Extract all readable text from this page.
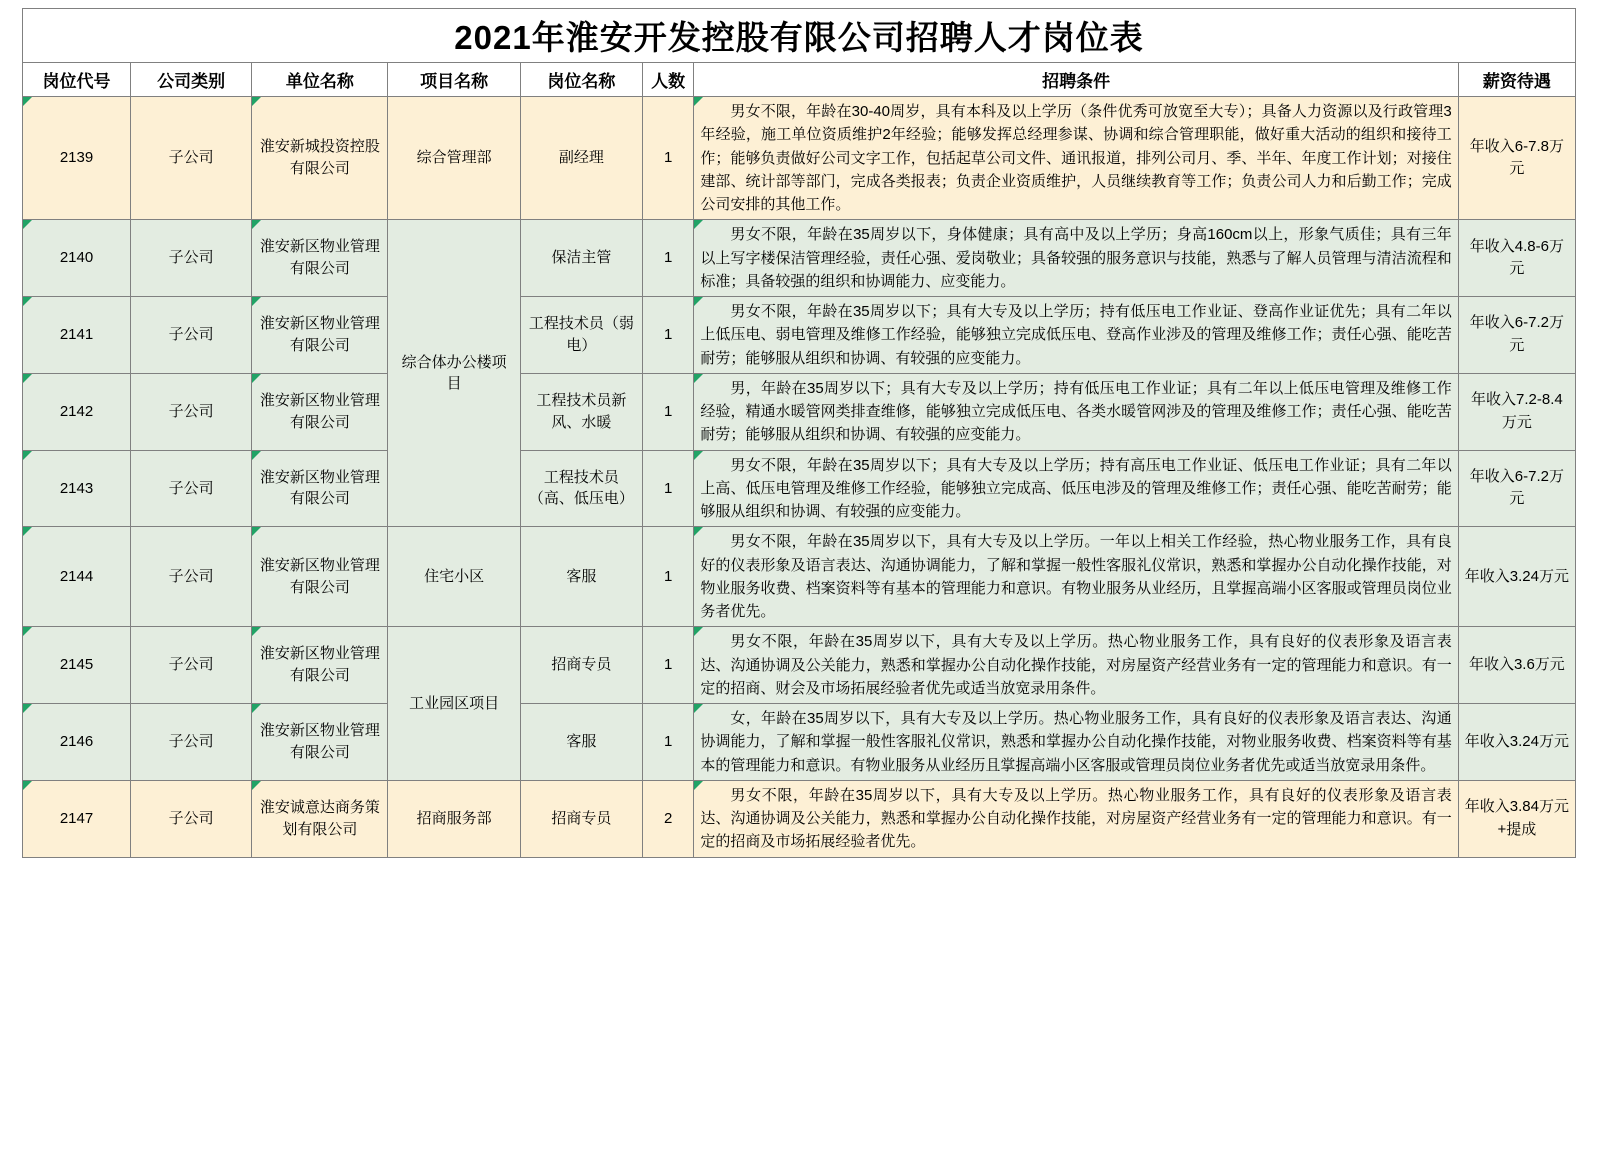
2021年淮安开发控股有限公司招聘人才岗位表							
岗位代号	公司类别	单位名称	项目名称	岗位名称	人数	招聘条件	薪资待遇
2139	子公司	淮安新城投资控股有限公司	综合管理部	副经理	1	男女不限，年龄在30-40周岁，具有本科及以上学历（条件优秀可放宽至大专）；具备人力资源以及行政管理3年经验，施工单位资质维护2年经验；能够发挥总经理参谋、协调和综合管理职能，做好重大活动的组织和接待工作；能够负责做好公司文字工作，包括起草公司文件、通讯报道，排列公司月、季、半年、年度工作计划；对接住建部、统计部等部门，完成各类报表；负责企业资质维护，人员继续教育等工作；负责公司人力和后勤工作；完成公司安排的其他工作。	年收入6-7.8万元
2140	子公司	淮安新区物业管理有限公司	综合体办公楼项目	保洁主管	1	男女不限，年龄在35周岁以下，身体健康；具有高中及以上学历；身高160cm以上，形象气质佳；具有三年以上写字楼保洁管理经验，责任心强、爱岗敬业；具备较强的服务意识与技能，熟悉与了解人员管理与清洁流程和标准；具备较强的组织和协调能力、应变能力。	年收入4.8-6万元
2141	子公司	淮安新区物业管理有限公司		工程技术员（弱电）	1	男女不限，年龄在35周岁以下；具有大专及以上学历；持有低压电工作业证、登高作业证优先；具有二年以上低压电、弱电管理及维修工作经验，能够独立完成低压电、登高作业涉及的管理及维修工作；责任心强、能吃苦耐劳；能够服从组织和协调、有较强的应变能力。	年收入6-7.2万元
2142	子公司	淮安新区物业管理有限公司		工程技术员新风、水暖	1	男，年龄在35周岁以下；具有大专及以上学历；持有低压电工作业证；具有二年以上低压电管理及维修工作经验，精通水暖管网类排查维修，能够独立完成低压电、各类水暖管网涉及的管理及维修工作；责任心强、能吃苦耐劳；能够服从组织和协调、有较强的应变能力。	年收入7.2-8.4万元
2143	子公司	淮安新区物业管理有限公司		工程技术员（高、低压电）	1	男女不限，年龄在35周岁以下；具有大专及以上学历；持有高压电工作业证、低压电工作业证；具有二年以上高、低压电管理及维修工作经验，能够独立完成高、低压电涉及的管理及维修工作；责任心强、能吃苦耐劳；能够服从组织和协调、有较强的应变能力。	年收入6-7.2万元
2144	子公司	淮安新区物业管理有限公司	住宅小区	客服	1	男女不限，年龄在35周岁以下，具有大专及以上学历。一年以上相关工作经验，热心物业服务工作，具有良好的仪表形象及语言表达、沟通协调能力，了解和掌握一般性客服礼仪常识，熟悉和掌握办公自动化操作技能，对物业服务收费、档案资料等有基本的管理能力和意识。有物业服务从业经历，且掌握高端小区客服或管理员岗位业务者优先。	年收入3.24万元
2145	子公司	淮安新区物业管理有限公司	工业园区项目	招商专员	1	男女不限，年龄在35周岁以下，具有大专及以上学历。热心物业服务工作，具有良好的仪表形象及语言表达、沟通协调及公关能力，熟悉和掌握办公自动化操作技能，对房屋资产经营业务有一定的管理能力和意识。有一定的招商、财会及市场拓展经验者优先或适当放宽录用条件。	年收入3.6万元
2146	子公司	淮安新区物业管理有限公司		客服	1	女，年龄在35周岁以下，具有大专及以上学历。热心物业服务工作，具有良好的仪表形象及语言表达、沟通协调能力，了解和掌握一般性客服礼仪常识，熟悉和掌握办公自动化操作技能，对物业服务收费、档案资料等有基本的管理能力和意识。有物业服务从业经历且掌握高端小区客服或管理员岗位业务者优先或适当放宽录用条件。	年收入3.24万元
2147	子公司	淮安诚意达商务策划有限公司	招商服务部	招商专员	2	男女不限，年龄在35周岁以下，具有大专及以上学历。热心物业服务工作，具有良好的仪表形象及语言表达、沟通协调及公关能力，熟悉和掌握办公自动化操作技能，对房屋资产经营业务有一定的管理能力和意识。有一定的招商及市场拓展经验者优先。	年收入3.84万元+提成
